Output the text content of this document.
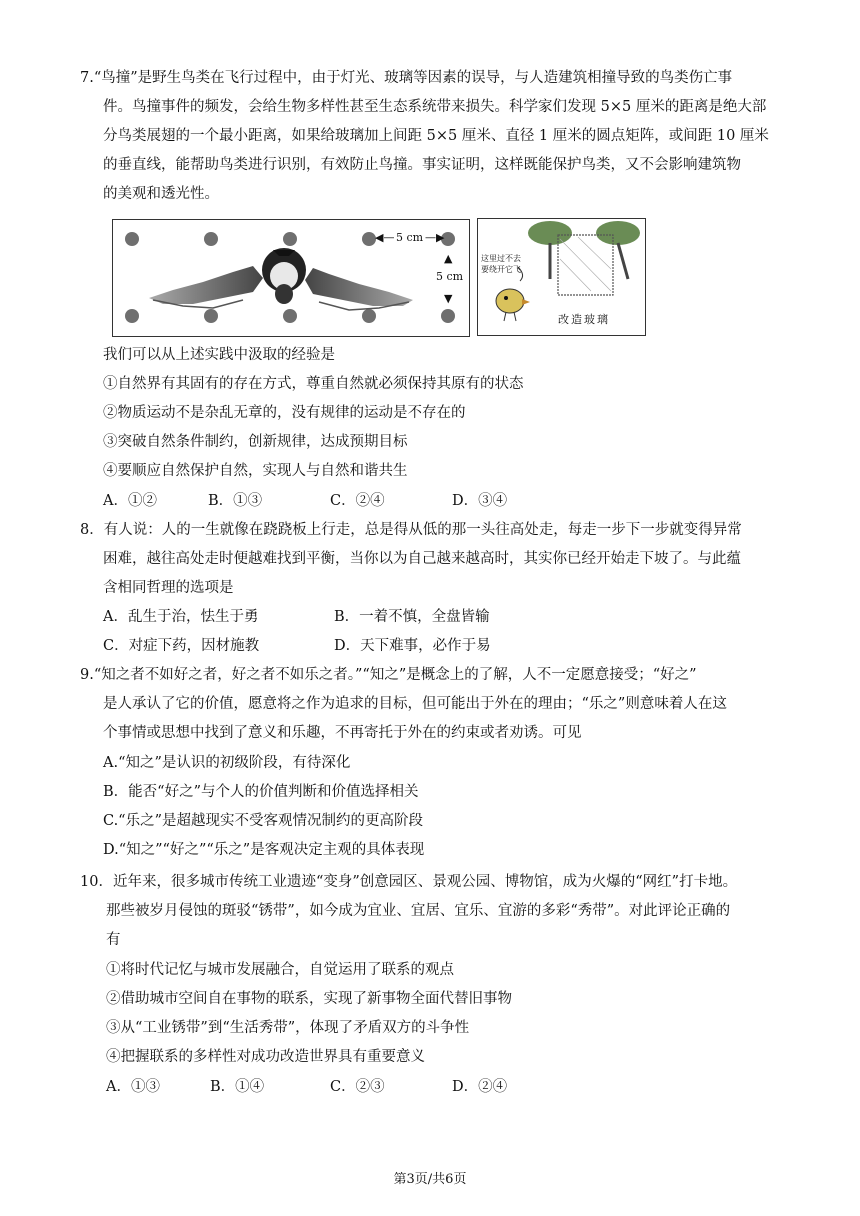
7.“鸟撞”是野生鸟类在飞行过程中，由于灯光、玻璃等因素的误导，与人造建筑相撞导致的鸟类伤亡事
件。鸟撞事件的频发，会给生物多样性甚至生态系统带来损失。科学家们发现 5×5 厘米的距离是绝大部
分鸟类展翅的一个最小距离，如果给玻璃加上间距 5×5 厘米、直径 1 厘米的圆点矩阵，或间距 10 厘米
的垂直线，能帮助鸟类进行识别，有效防止鸟撞。事实证明，这样既能保护鸟类，又不会影响建筑物
的美观和透光性。
◀— 5 cm —▶
▲
5 cm
▼
这里过不去
要绕开它飞
改造玻璃
我们可以从上述实践中汲取的经验是
①自然界有其固有的存在方式，尊重自然就必须保持其原有的状态
②物质运动不是杂乱无章的，没有规律的运动是不存在的
③突破自然条件制约，创新规律，达成预期目标
④要顺应自然保护自然，实现人与自然和谐共生
A．①②	B．①③	C．②④	D．③④
8．有人说：人的一生就像在跷跷板上行走，总是得从低的那一头往高处走，每走一步下一步就变得异常
困难，越往高处走时便越难找到平衡，当你以为自己越来越高时，其实你已经开始走下坡了。与此蕴
含相同哲理的选项是
A．乱生于治，怯生于勇	B．一着不慎，全盘皆输
C．对症下药，因材施教	D．天下难事，必作于易
9.“知之者不如好之者，好之者不如乐之者。”“知之”是概念上的了解，人不一定愿意接受；“好之”
是人承认了它的价值，愿意将之作为追求的目标，但可能出于外在的理由；“乐之”则意味着人在这
个事情或思想中找到了意义和乐趣，不再寄托于外在的约束或者劝诱。可见
A.“知之”是认识的初级阶段，有待深化
B．能否“好之”与个人的价值判断和价值选择相关
C.“乐之”是超越现实不受客观情况制约的更高阶段
D.“知之”“好之”“乐之”是客观决定主观的具体表现
10．近年来，很多城市传统工业遗迹“变身”创意园区、景观公园、博物馆，成为火爆的“网红”打卡地。
那些被岁月侵蚀的斑驳“锈带”，如今成为宜业、宜居、宜乐、宜游的多彩“秀带”。对此评论正确的
有
①将时代记忆与城市发展融合，自觉运用了联系的观点
②借助城市空间自在事物的联系，实现了新事物全面代替旧事物
③从“工业锈带”到“生活秀带”，体现了矛盾双方的斗争性
④把握联系的多样性对成功改造世界具有重要意义
A．①③	B．①④	C．②③	D．②④
第3页/共6页
